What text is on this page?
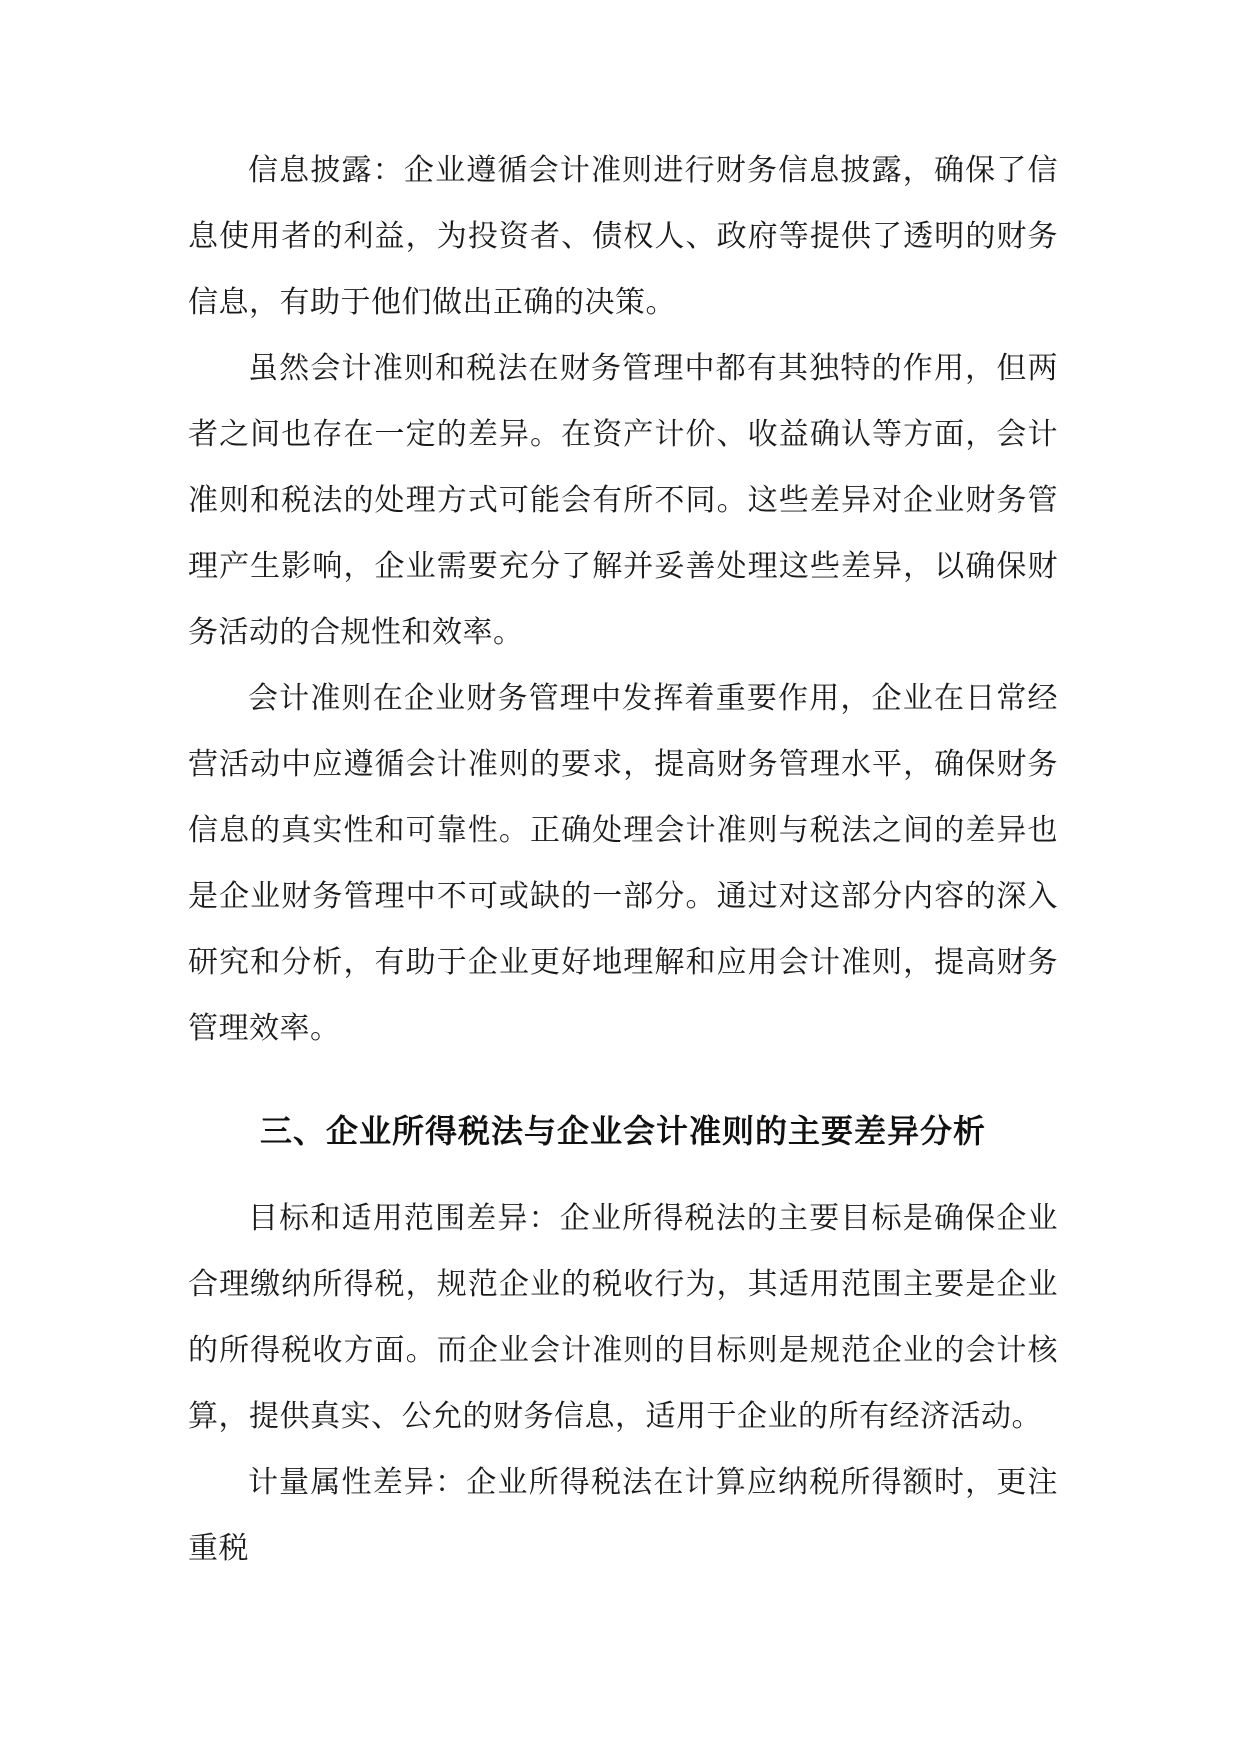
信息披露：企业遵循会计准则进行财务信息披露，确保了信息使用者的利益，为投资者、债权人、政府等提供了透明的财务信息，有助于他们做出正确的决策。

虽然会计准则和税法在财务管理中都有其独特的作用，但两者之间也存在一定的差异。在资产计价、收益确认等方面，会计准则和税法的处理方式可能会有所不同。这些差异对企业财务管理产生影响，企业需要充分了解并妥善处理这些差异，以确保财务活动的合规性和效率。

会计准则在企业财务管理中发挥着重要作用，企业在日常经营活动中应遵循会计准则的要求，提高财务管理水平，确保财务信息的真实性和可靠性。正确处理会计准则与税法之间的差异也是企业财务管理中不可或缺的一部分。通过对这部分内容的深入研究和分析，有助于企业更好地理解和应用会计准则，提高财务管理效率。

三、企业所得税法与企业会计准则的主要差异分析

目标和适用范围差异：企业所得税法的主要目标是确保企业合理缴纳所得税，规范企业的税收行为，其适用范围主要是企业的所得税收方面。而企业会计准则的目标则是规范企业的会计核算，提供真实、公允的财务信息，适用于企业的所有经济活动。

计量属性差异：企业所得税法在计算应纳税所得额时，更注重税
